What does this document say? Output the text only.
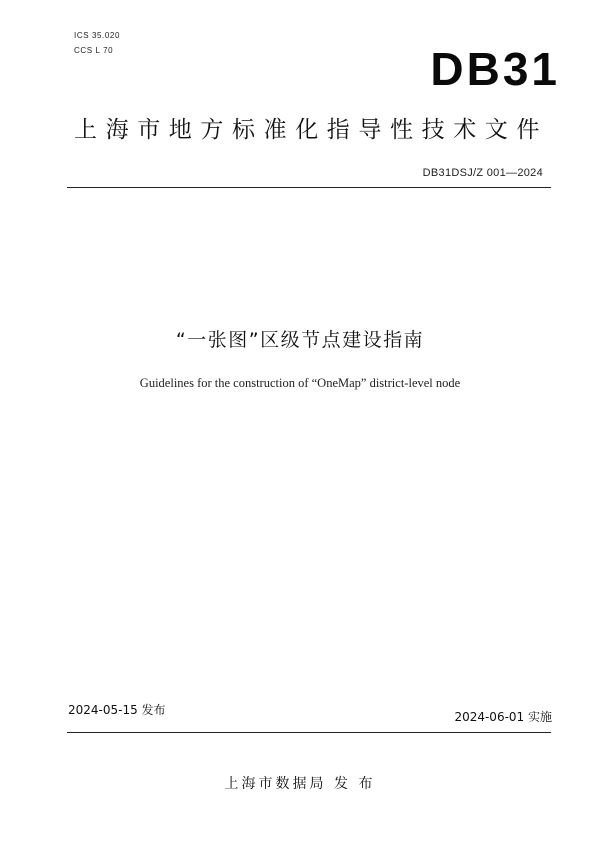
ICS 35.020
CCS L 70	DB31
上海市地方标准化指导性技术文件
DB31DSJ/Z 001—2024
“一张图”区级节点建设指南
Guidelines for the construction of “OneMap” district-level node
2024-05-15 发布	2024-06-01 实施
上海市数据局 发 布
